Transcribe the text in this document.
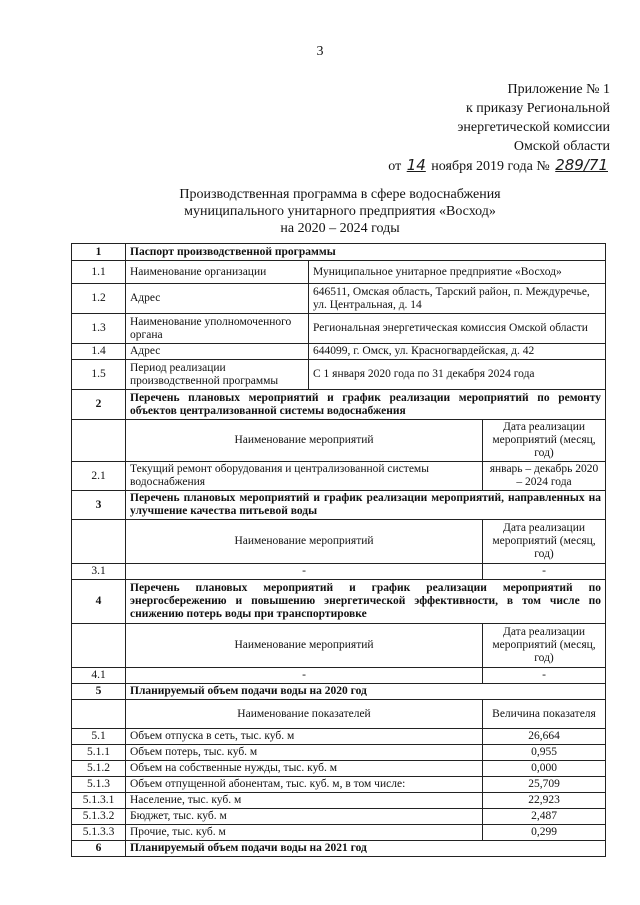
3
Приложение № 1
к приказу Региональной
энергетической комиссии
Омской области
от 14 ноября 2019 года № 289/71
Производственная программа в сфере водоснабжения
муниципального унитарного предприятия «Восход»
на 2020 – 2024 годы
1	Паспорт производственной программы		
1.1	Наименование организации	Муниципальное унитарное предприятие «Восход»	
1.2	Адрес	646511, Омская область, Тарский район, п. Междуречье, ул. Центральная, д. 14	
1.3	Наименование уполномоченного органа	Региональная энергетическая комиссия Омской области	
1.4	Адрес	644099, г. Омск, ул. Красногвардейская, д. 42	
1.5	Период реализации производственной программы	С 1 января 2020 года по 31 декабря 2024 года	
2	Перечень плановых мероприятий и график реализации мероприятий по ремонту объектов централизованной системы водоснабжения		
	Наименование мероприятий		Дата реализации мероприятий (месяц, год)
2.1	Текущий ремонт оборудования и централизованной системы водоснабжения		январь – декабрь 2020 – 2024 года
3	Перечень плановых мероприятий и график реализации мероприятий, направленных на улучшение качества питьевой воды		
	Наименование мероприятий		Дата реализации мероприятий (месяц, год)
3.1	-		-
4	Перечень плановых мероприятий и график реализации мероприятий по энергосбережению и повышению энергетической эффективности, в том числе по снижению потерь воды при транспортировке		
	Наименование мероприятий		Дата реализации мероприятий (месяц, год)
4.1	-		-
5	Планируемый объем подачи воды на 2020 год		
	Наименование показателей		Величина показателя
5.1	Объем отпуска в сеть, тыс. куб. м		26,664
5.1.1	Объем потерь, тыс. куб. м		0,955
5.1.2	Объем на собственные нужды, тыс. куб. м		0,000
5.1.3	Объем отпущенной абонентам, тыс. куб. м, в том числе:		25,709
5.1.3.1	Население, тыс. куб. м		22,923
5.1.3.2	Бюджет, тыс. куб. м		2,487
5.1.3.3	Прочие, тыс. куб. м		0,299
6	Планируемый объем подачи воды на 2021 год		
